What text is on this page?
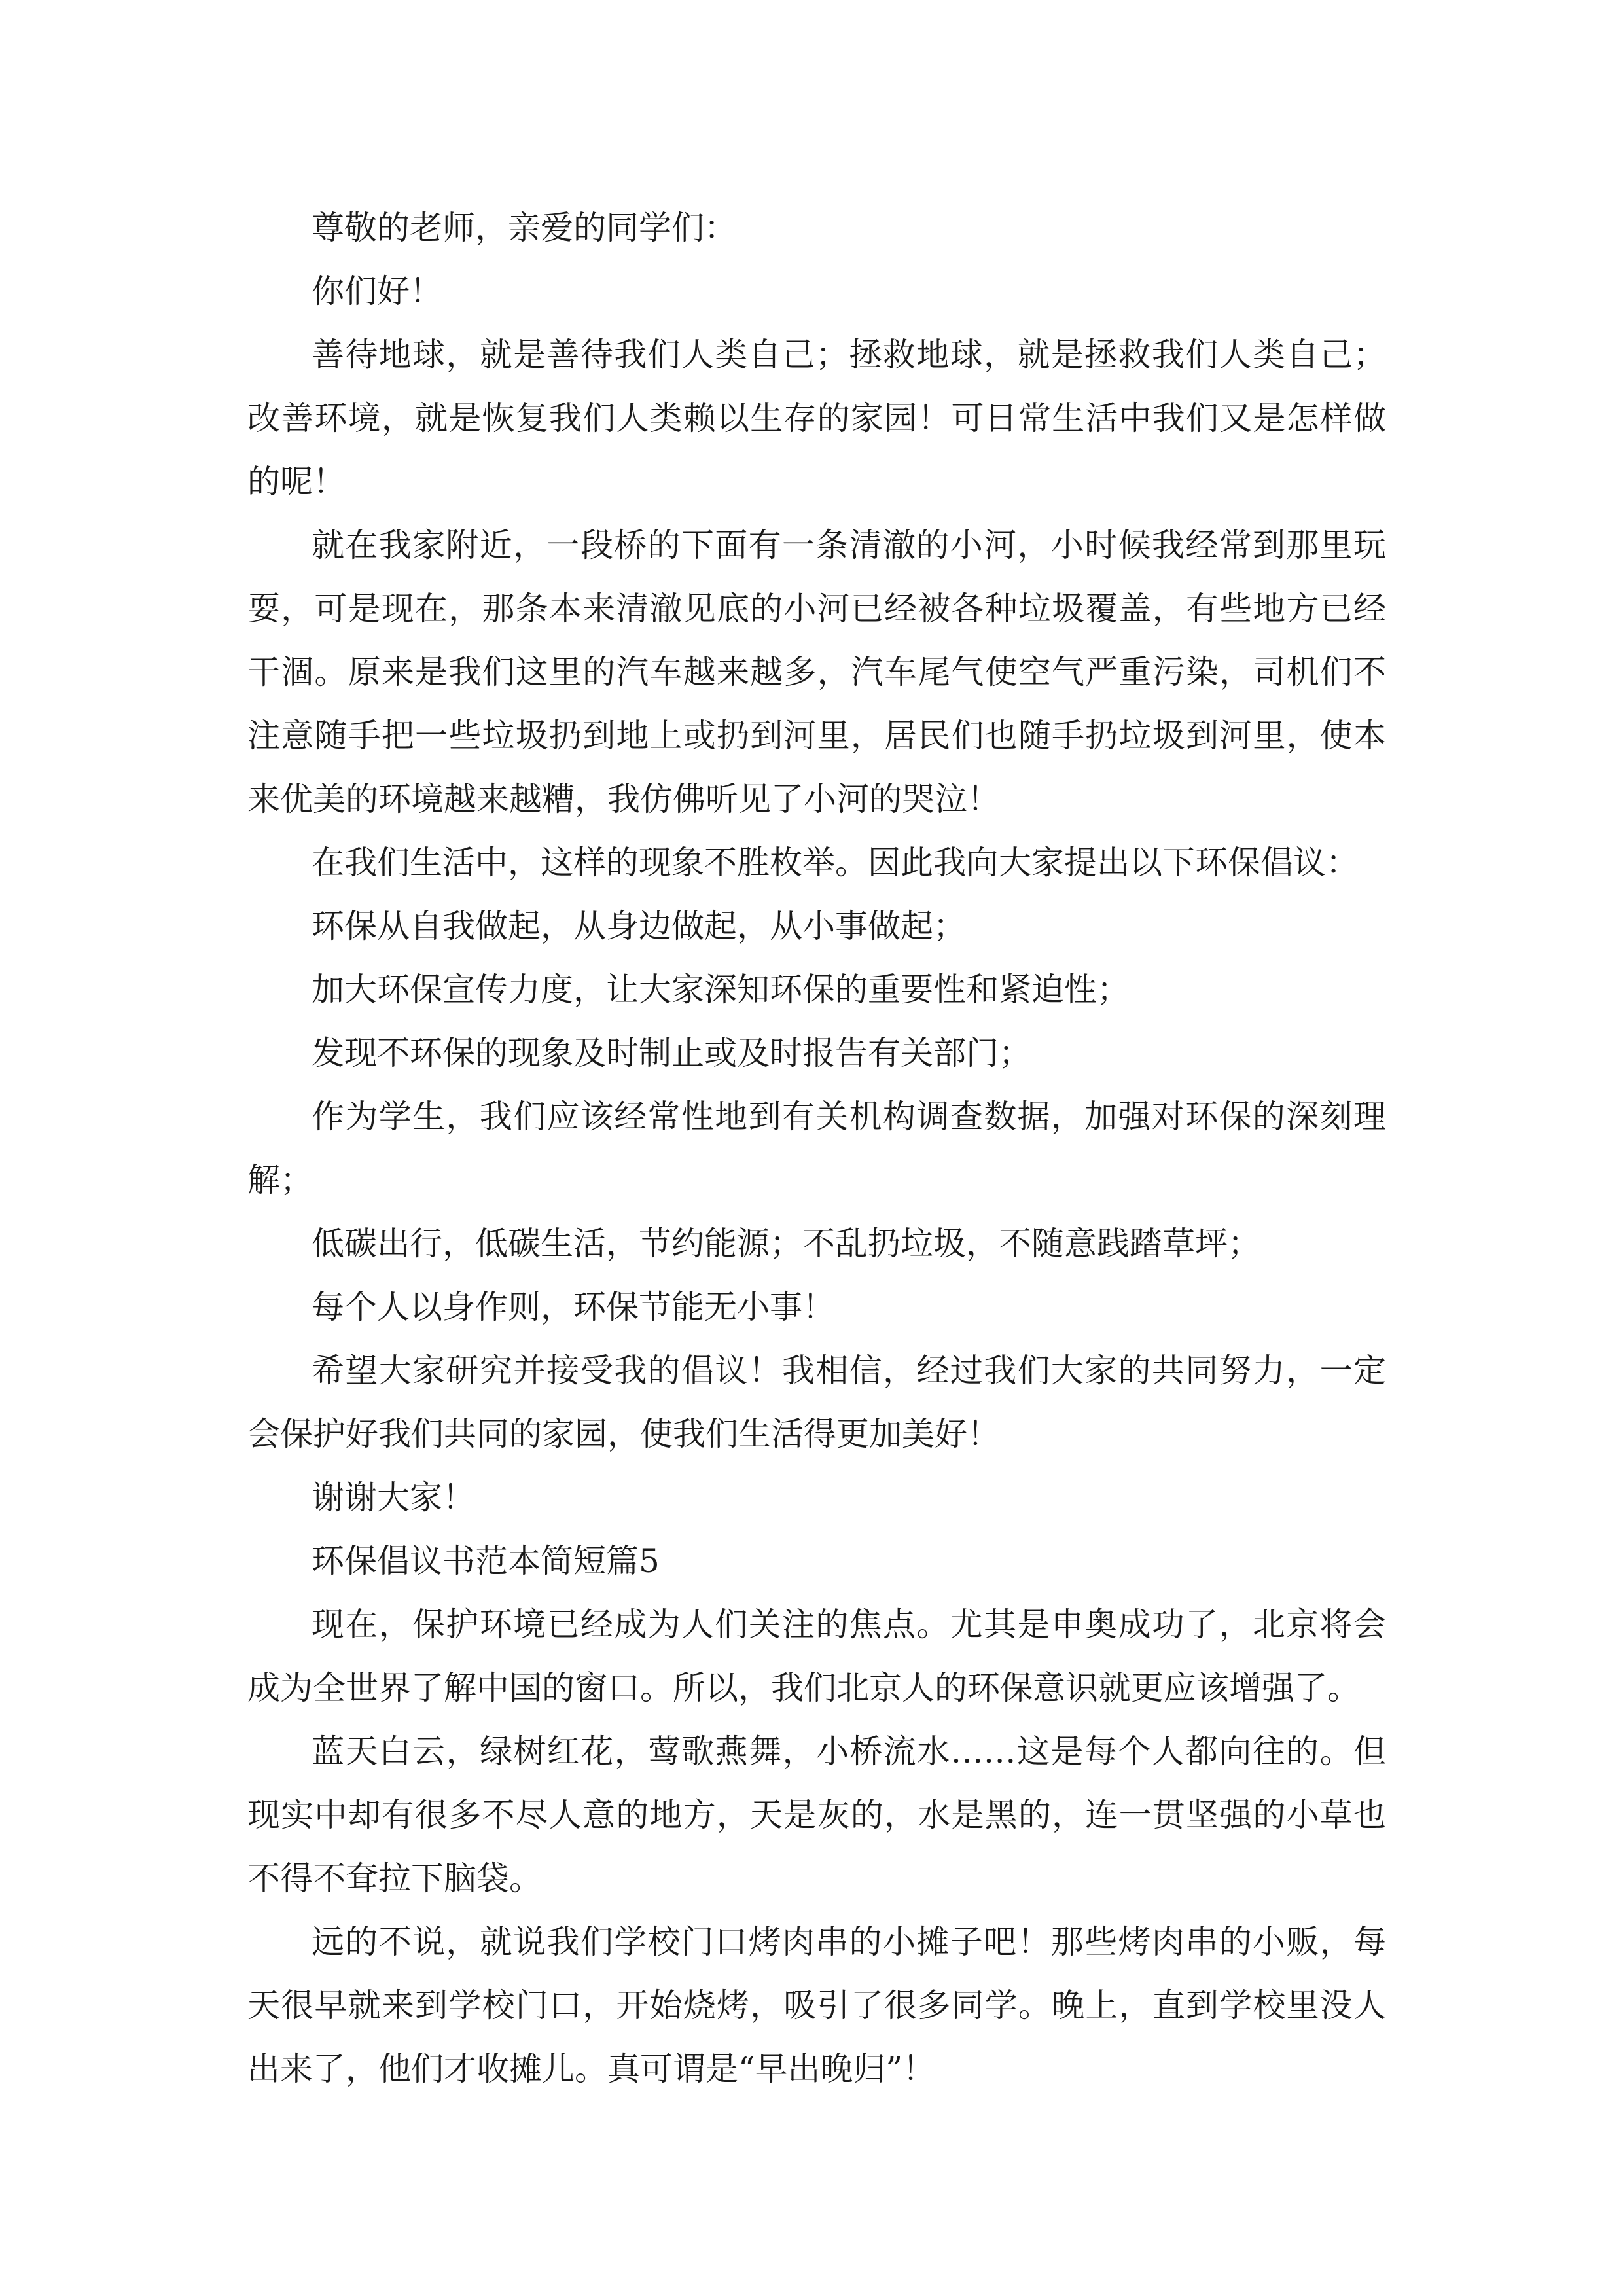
尊敬的老师，亲爱的同学们：

你们好！

善待地球，就是善待我们人类自己；拯救地球，就是拯救我们人类自己；改善环境，就是恢复我们人类赖以生存的家园！可日常生活中我们又是怎样做的呢！

就在我家附近，一段桥的下面有一条清澈的小河，小时候我经常到那里玩耍，可是现在，那条本来清澈见底的小河已经被各种垃圾覆盖，有些地方已经干涸。原来是我们这里的汽车越来越多，汽车尾气使空气严重污染，司机们不注意随手把一些垃圾扔到地上或扔到河里，居民们也随手扔垃圾到河里，使本来优美的环境越来越糟，我仿佛听见了小河的哭泣！

在我们生活中，这样的现象不胜枚举。因此我向大家提出以下环保倡议：

环保从自我做起，从身边做起，从小事做起；

加大环保宣传力度，让大家深知环保的重要性和紧迫性；

发现不环保的现象及时制止或及时报告有关部门；

作为学生，我们应该经常性地到有关机构调查数据，加强对环保的深刻理解；

低碳出行，低碳生活，节约能源；不乱扔垃圾，不随意践踏草坪；

每个人以身作则，环保节能无小事！

希望大家研究并接受我的倡议！我相信，经过我们大家的共同努力，一定会保护好我们共同的家园，使我们生活得更加美好！

谢谢大家！

环保倡议书范本简短篇5

现在，保护环境已经成为人们关注的焦点。尤其是申奥成功了，北京将会成为全世界了解中国的窗口。所以，我们北京人的环保意识就更应该增强了。

蓝天白云，绿树红花，莺歌燕舞，小桥流水……这是每个人都向往的。但现实中却有很多不尽人意的地方，天是灰的，水是黑的，连一贯坚强的小草也不得不耷拉下脑袋。

远的不说，就说我们学校门口烤肉串的小摊子吧！那些烤肉串的小贩，每天很早就来到学校门口，开始烧烤，吸引了很多同学。晚上，直到学校里没人出来了，他们才收摊儿。真可谓是“早出晚归”！
